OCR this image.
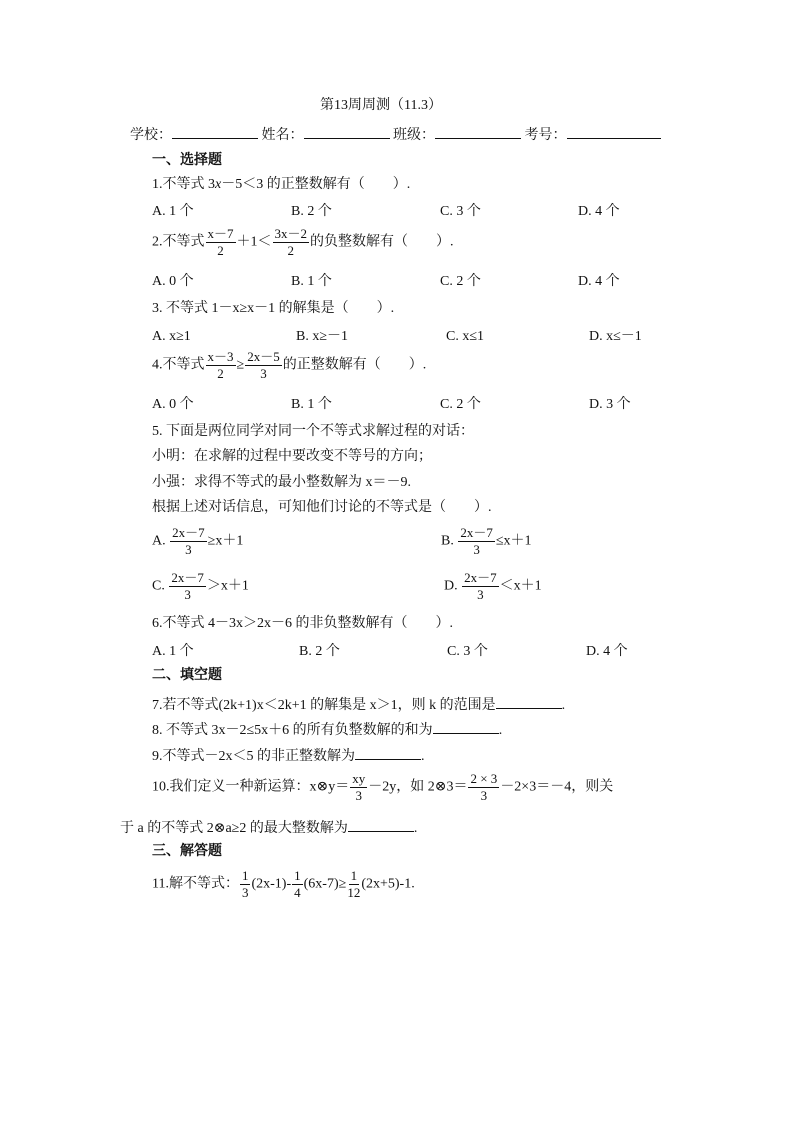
第13周周测（11.3）
学校：	姓名：	班级：	考号：
一、选择题
1.不等式 3x－5＜3 的正整数解有（　　）.
A. 1 个	B. 2 个	C. 3 个	D. 4 个
2.不等式 $\frac{x-7}{2} +1< \frac{3x-2}{2}$ 的负整数解有（　　）.
A. 0 个	B. 1 个	C. 2 个	D. 4 个
3. 不等式 1－x≥x－1 的解集是（　　）.
A. x≥1	B. x≥－1	C. x≤1	D. x≤－1
4.不等式 $\frac{x-3}{2} \ge \frac{2x-5}{3}$ 的正整数解有（　　）.
A. 0 个	B. 1 个	C. 2 个	D. 3 个
5. 下面是两位同学对同一个不等式求解过程的对话：
小明：在求解的过程中要改变不等号的方向；
小强：求得不等式的最小整数解为 x＝－9.
根据上述对话信息，可知他们讨论的不等式是（　　）.
A. $\frac{2x-7}{3} \ge x+1$	B. $\frac{2x-7}{3} \le x+1$
C. $\frac{2x-7}{3} >x+1$	D. $\frac{2x-7}{3} <x+1$
6.不等式 4－3x＞2x－6 的非负整数解有（　　）.
A. 1 个	B. 2 个	C. 3 个	D. 4 个
二、填空题
7.若不等式(2k+1)x＜2k+1 的解集是 x＞1，则 k 的范围是	.
8. 不等式 3x－2≤5x＋6 的所有负整数解的和为	.
9.不等式－2x＜5 的非正整数解为	.
10.我们定义一种新运算：x⊗y＝ $\frac{xy}{3} -2y$，如 2⊗3＝ $\frac{2 \times 3}{3} -2\times 3=-4$，则关
于 a 的不等式 2⊗a≥2 的最大整数解为	.
三、解答题
11.解不等式： $\frac{1}{3} (2x-1)- \frac{1}{4} (6x-7)\ge \frac{1}{12} (2x+5)-1$.
